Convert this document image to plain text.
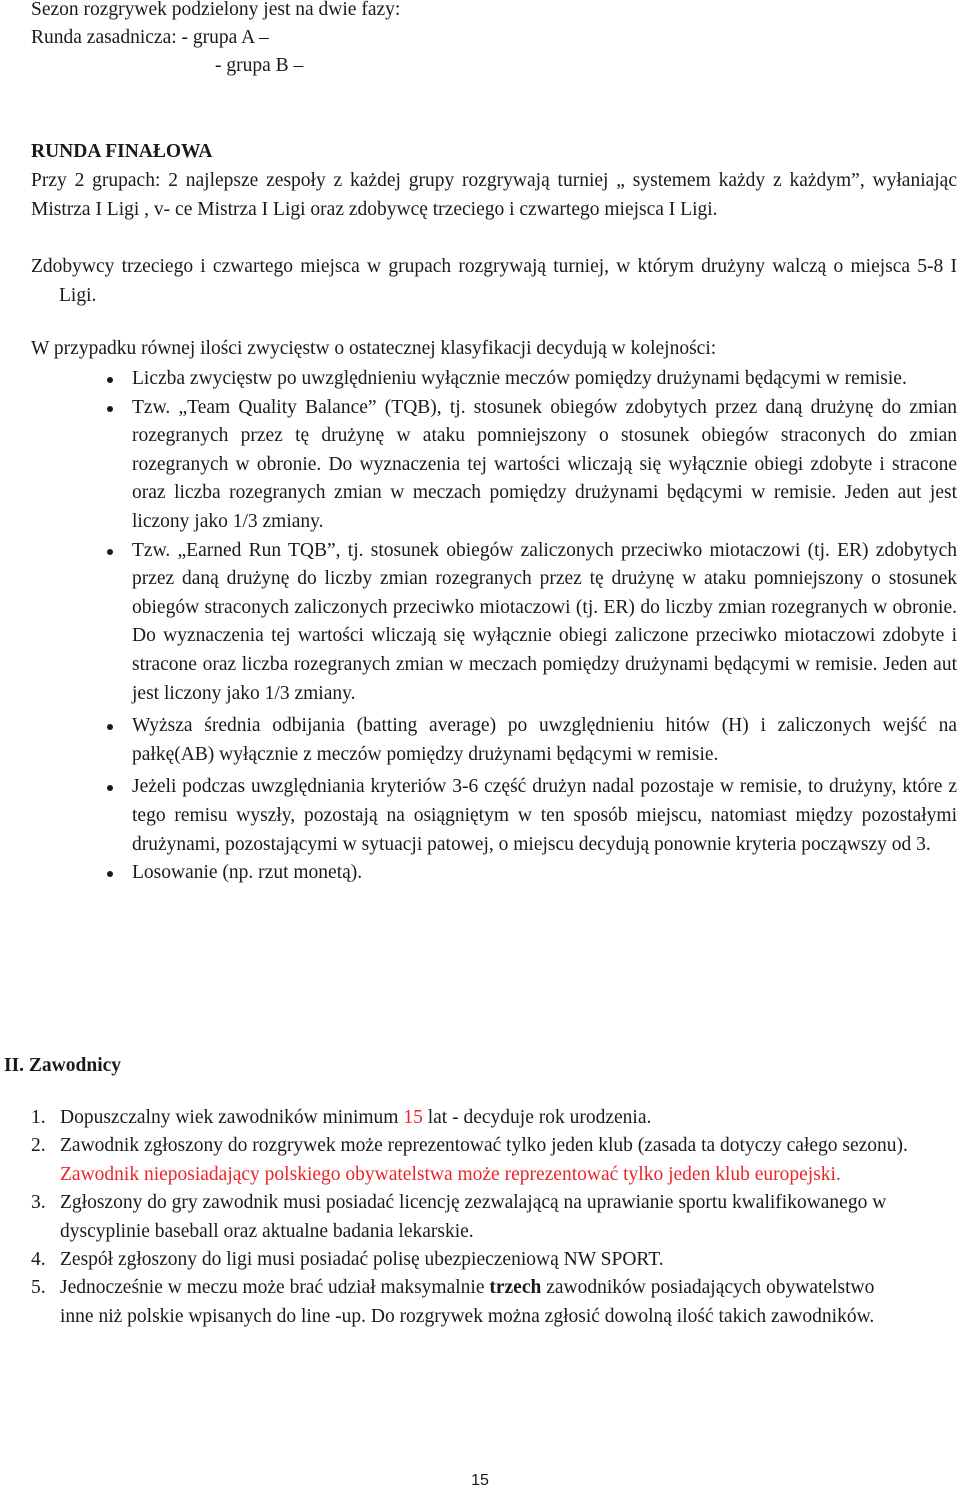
Sezon rozgrywek podzielony jest na dwie fazy:

Runda zasadnicza: - grupa A –

- grupa B –

RUNDA FINAŁOWA

Przy 2 grupach: 2 najlepsze zespoły z każdej grupy rozgrywają turniej „ systemem każdy z każdym”, wyłaniając Mistrza I Ligi , v- ce Mistrza I Ligi oraz zdobywcę trzeciego i czwartego miejsca I Ligi.

Zdobywcy trzeciego i czwartego miejsca w grupach rozgrywają turniej, w którym drużyny walczą o miejsca 5-8 I Ligi.

W przypadku równej ilości zwycięstw o ostatecznej klasyfikacji decydują w kolejności:

Liczba zwycięstw po uwzględnieniu wyłącznie meczów pomiędzy drużynami będącymi w remisie.
Tzw. „Team Quality Balance” (TQB), tj. stosunek obiegów zdobytych przez daną drużynę do zmian rozegranych przez tę drużynę w ataku pomniejszony o stosunek obiegów straconych do zmian rozegranych w obronie. Do wyznaczenia tej wartości wliczają się wyłącznie obiegi zdobyte i stracone oraz liczba rozegranych zmian w meczach pomiędzy drużynami będącymi w remisie. Jeden aut jest liczony jako 1/3 zmiany.
Tzw. „Earned Run TQB”, tj. stosunek obiegów zaliczonych przeciwko miotaczowi (tj. ER) zdobytych przez daną drużynę do liczby zmian rozegranych przez tę drużynę w ataku pomniejszony o stosunek obiegów straconych zaliczonych przeciwko miotaczowi (tj. ER) do liczby zmian rozegranych w obronie. Do wyznaczenia tej wartości wliczają się wyłącznie obiegi zaliczone przeciwko miotaczowi zdobyte i stracone oraz liczba rozegranych zmian w meczach pomiędzy drużynami będącymi w remisie. Jeden aut jest liczony jako 1/3 zmiany.
Wyższa średnia odbijania (batting average) po uwzględnieniu hitów (H) i zaliczonych wejść na pałkę(AB) wyłącznie z meczów pomiędzy drużynami będącymi w remisie.
Jeżeli podczas uwzględniania kryteriów 3-6 część drużyn nadal pozostaje w remisie, to drużyny, które z tego remisu wyszły, pozostają na osiągniętym w ten sposób miejscu, natomiast między pozostałymi drużynami, pozostającymi w sytuacji patowej, o miejscu decydują ponownie kryteria począwszy od 3.
Losowanie (np. rzut monetą).
II. Zawodnicy
1. Dopuszczalny wiek zawodników minimum 15 lat - decyduje rok urodzenia.
2. Zawodnik zgłoszony do rozgrywek może reprezentować tylko jeden klub (zasada ta dotyczy całego sezonu). Zawodnik nieposiadający polskiego obywatelstwa może reprezentować tylko jeden klub europejski.
3. Zgłoszony do gry zawodnik musi posiadać licencję zezwalającą na uprawianie sportu kwalifikowanego w dyscyplinie baseball oraz aktualne badania lekarskie.
4. Zespół zgłoszony do ligi musi posiadać polisę ubezpieczeniową NW SPORT.
5. Jednocześnie w meczu może brać udział maksymalnie trzech zawodników posiadających obywatelstwo inne niż polskie wpisanych do line -up. Do rozgrywek można zgłosić dowolną ilość takich zawodników.
15
